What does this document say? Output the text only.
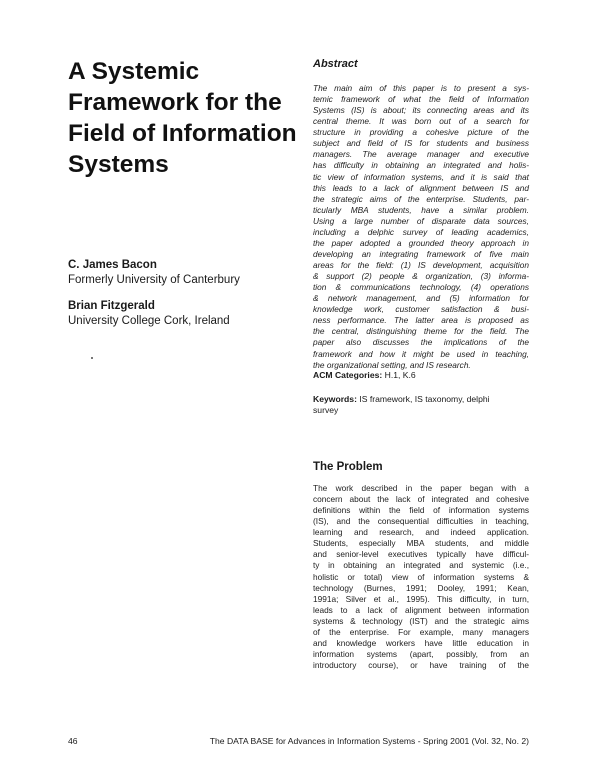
A Systemic
Framework for the
Field of Information
Systems
C. James Bacon
Formerly University of Canterbury
Brian Fitzgerald
University College Cork, Ireland
Abstract
The main aim of this paper is to present a sys-
temic framework of what the field of Information
Systems (IS) is about; its connecting areas and its
central theme. It was born out of a search for
structure in providing a cohesive picture of the
subject and field of IS for students and business
managers. The average manager and executive
has difficulty in obtaining an integrated and holis-
tic view of information systems, and it is said that
this leads to a lack of alignment between IS and
the strategic aims of the enterprise. Students, par-
ticularly MBA students, have a similar problem.
Using a large number of disparate data sources,
including a delphic survey of leading academics,
the paper adopted a grounded theory approach in
developing an integrating framework of five main
areas for the field: (1) IS development, acquisition
& support (2) people & organization, (3) informa-
tion & communications technology, (4) operations
& network management, and (5) information for
knowledge work, customer satisfaction & busi-
ness performance. The latter area is proposed as
the central, distinguishing theme for the field. The
paper also discusses the implications of the
framework and how it might be used in teaching,
the organizational setting, and IS research.
ACM Categories: H.1, K.6
Keywords: IS framework, IS taxonomy, delphi
survey
The Problem
The work described in the paper began with a
concern about the lack of integrated and cohesive
definitions within the field of information systems
(IS), and the consequential difficulties in teaching,
learning and research, and indeed application.
Students, especially MBA students, and middle
and senior-level executives typically have difficul-
ty in obtaining an integrated and systemic (i.e.,
holistic or total) view of information systems &
technology (Burnes, 1991; Dooley, 1991; Kean,
1991a; Silver et al., 1995). This difficulty, in turn,
leads to a lack of alignment between information
systems & technology (IST) and the strategic aims
of the enterprise. For example, many managers
and knowledge workers have little education in
information systems (apart, possibly, from an
introductory course), or have training of the
46	The DATA BASE for Advances in Information Systems - Spring 2001 (Vol. 32, No. 2)
